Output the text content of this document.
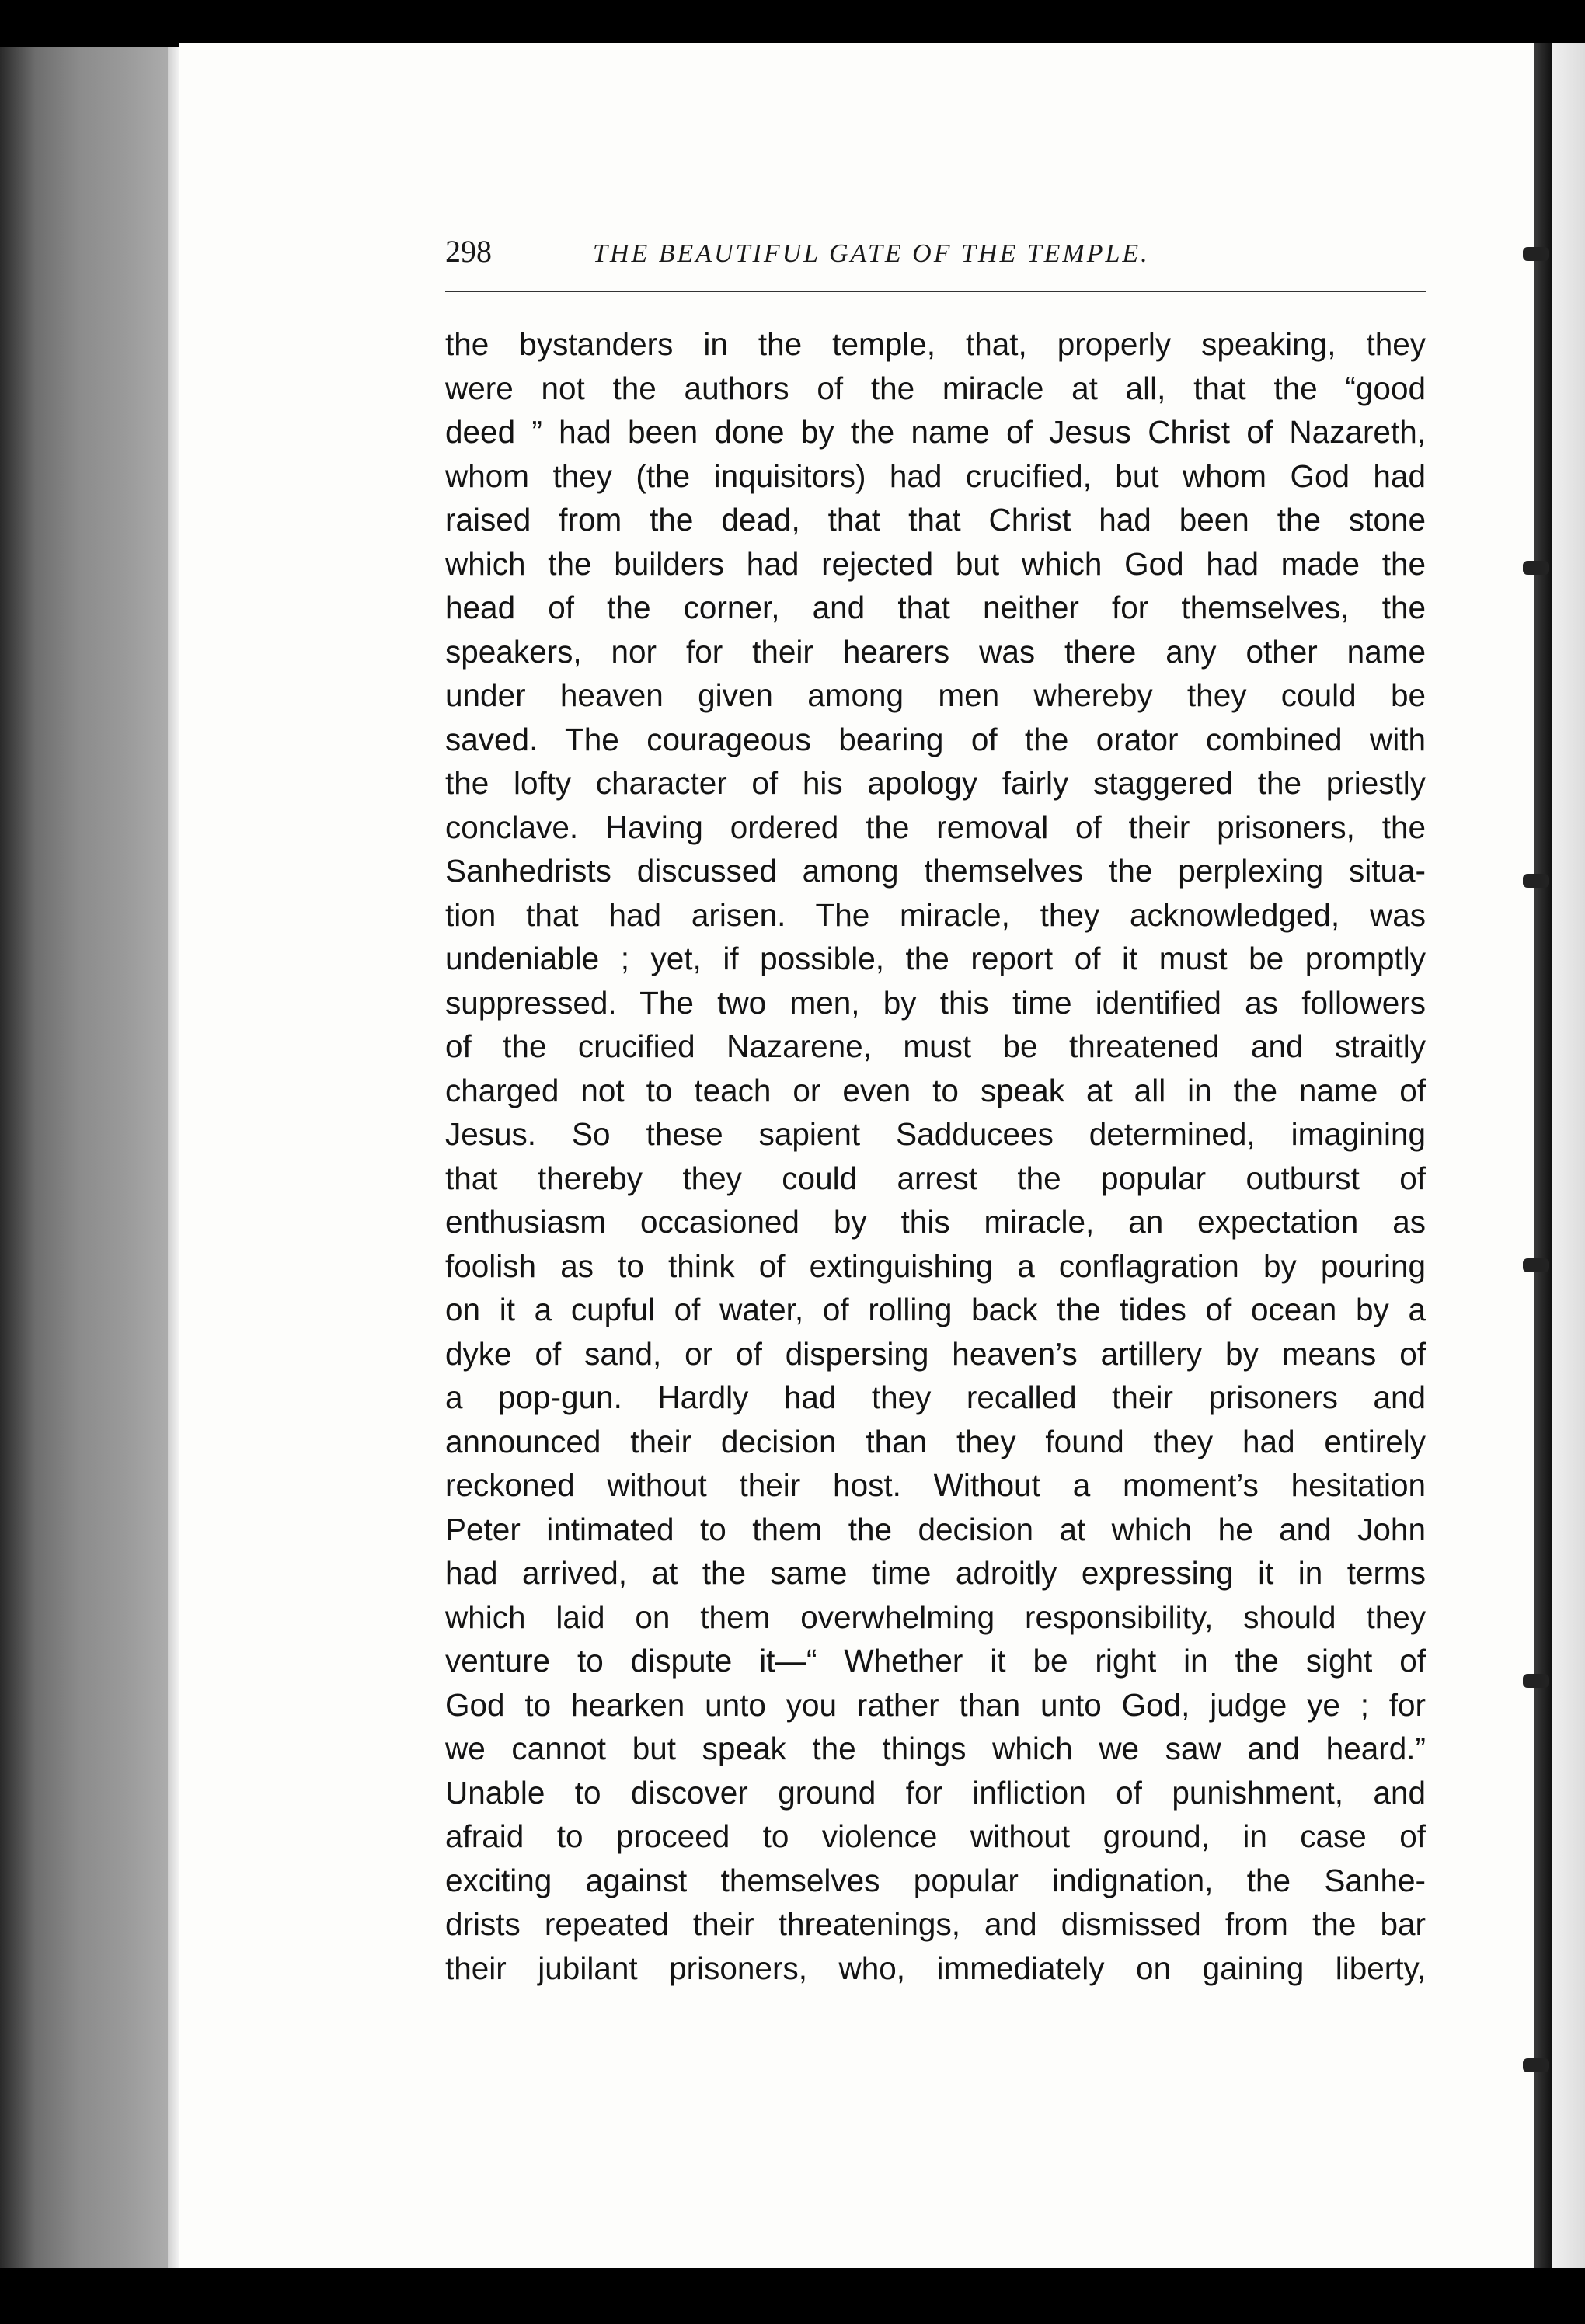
298	THE BEAUTIFUL GATE OF THE TEMPLE.
the bystanders in the temple, that, properly speaking, they
were not the authors of the miracle at all, that the “good
deed ” had been done by the name of Jesus Christ of Nazareth,
whom they (the inquisitors) had crucified, but whom God had
raised from the dead, that that Christ had been the stone
which the builders had rejected but which God had made the
head of the corner, and that neither for themselves, the
speakers, nor for their hearers was there any other name
under heaven given among men whereby they could be
saved. The courageous bearing of the orator combined with
the lofty character of his apology fairly staggered the priestly
conclave. Having ordered the removal of their prisoners, the
Sanhedrists discussed among themselves the perplexing situa-
tion that had arisen. The miracle, they acknowledged, was
undeniable ; yet, if possible, the report of it must be promptly
suppressed. The two men, by this time identified as followers
of the crucified Nazarene, must be threatened and straitly
charged not to teach or even to speak at all in the name of
Jesus. So these sapient Sadducees determined, imagining
that thereby they could arrest the popular outburst of
enthusiasm occasioned by this miracle, an expectation as
foolish as to think of extinguishing a conflagration by pouring
on it a cupful of water, of rolling back the tides of ocean by a
dyke of sand, or of dispersing heaven’s artillery by means of
a pop-gun. Hardly had they recalled their prisoners and
announced their decision than they found they had entirely
reckoned without their host. Without a moment’s hesitation
Peter intimated to them the decision at which he and John
had arrived, at the same time adroitly expressing it in terms
which laid on them overwhelming responsibility, should they
venture to dispute it—“ Whether it be right in the sight of
God to hearken unto you rather than unto God, judge ye ; for
we cannot but speak the things which we saw and heard.”
Unable to discover ground for infliction of punishment, and
afraid to proceed to violence without ground, in case of
exciting against themselves popular indignation, the Sanhe-
drists repeated their threatenings, and dismissed from the bar
their jubilant prisoners, who, immediately on gaining liberty,
